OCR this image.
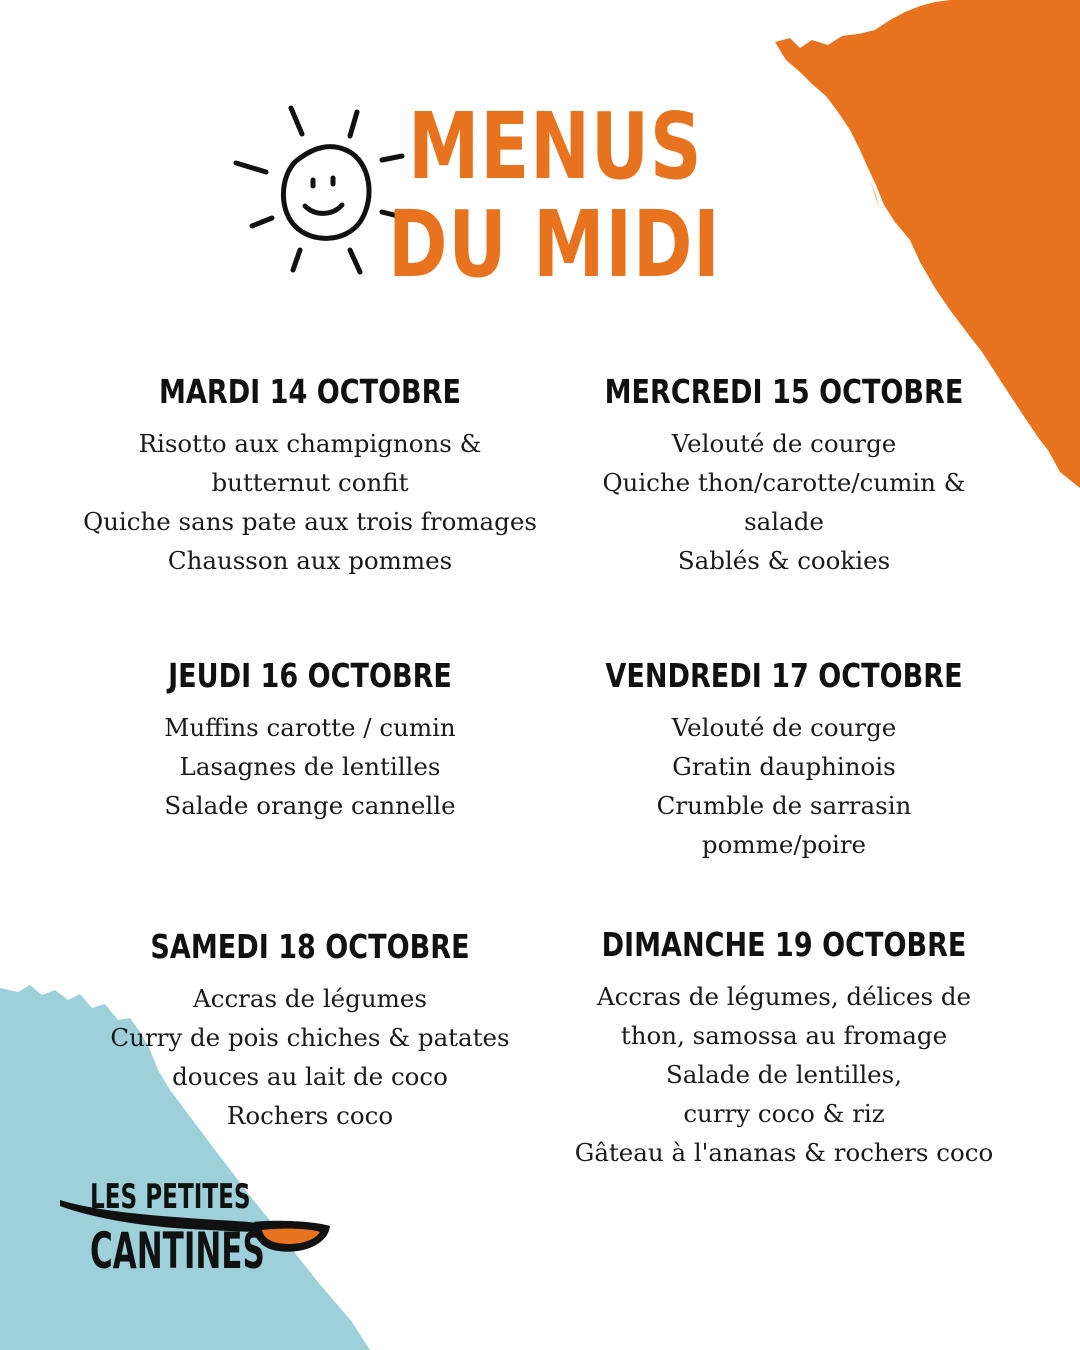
MENUS
DU MIDI
MARDI 14 OCTOBRE
Risotto aux champignons &
butternut confit
Quiche sans pate aux trois fromages
Chausson aux pommes
MERCREDI 15 OCTOBRE
Velouté de courge
Quiche thon/carotte/cumin &
salade
Sablés & cookies
JEUDI 16 OCTOBRE
Muffins carotte / cumin
Lasagnes de lentilles
Salade orange cannelle
VENDREDI 17 OCTOBRE
Velouté de courge
Gratin dauphinois
Crumble de sarrasin
pomme/poire
SAMEDI 18 OCTOBRE
Accras de légumes
Curry de pois chiches & patates
douces au lait de coco
Rochers coco
DIMANCHE 19 OCTOBRE
Accras de légumes, délices de
thon, samossa au fromage
Salade de lentilles,
curry coco & riz
Gâteau à l'ananas & rochers coco
LES PETITES
CANTINES
